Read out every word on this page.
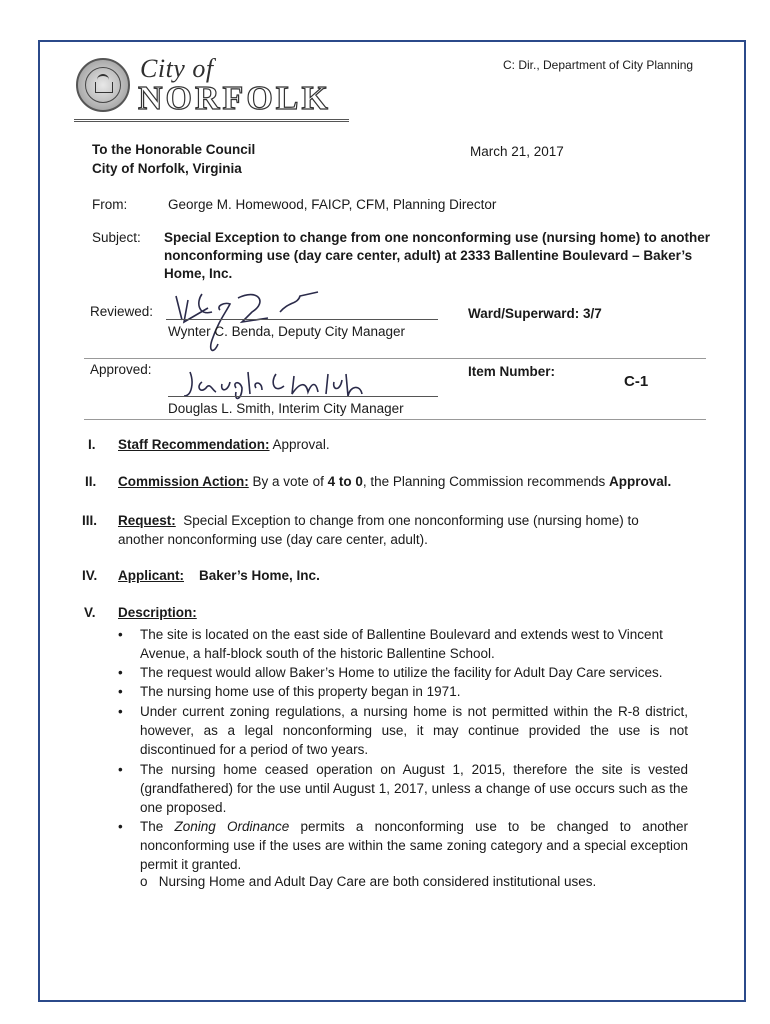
City of
NORFOLK
C: Dir., Department of City Planning
To the Honorable Council
City of Norfolk, Virginia
March 21, 2017
From:	George M. Homewood, FAICP, CFM, Planning Director
Subject: Special Exception to change from one nonconforming use (nursing home) to another
nonconforming use (day care center, adult) at 2333 Ballentine Boulevard – Baker’s
Home, Inc.
Reviewed:
Wynter C. Benda, Deputy City Manager
Ward/Superward: 3/7
Approved:
Douglas L. Smith, Interim City Manager
Item Number:
C-1
I. Staff Recommendation: Approval.
II. Commission Action: By a vote of 4 to 0, the Planning Commission recommends Approval.
III. Request: Special Exception to change from one nonconforming use (nursing home) to
another nonconforming use (day care center, adult).
IV. Applicant: Baker’s Home, Inc.
V. Description:
• The site is located on the east side of Ballentine Boulevard and extends west to Vincent Avenue, a half-block south of the historic Ballentine School.
• The request would allow Baker’s Home to utilize the facility for Adult Day Care services.
• The nursing home use of this property began in 1971.
• Under current zoning regulations, a nursing home is not permitted within the R-8 district, however, as a legal nonconforming use, it may continue provided the use is not discontinued for a period of two years.
• The nursing home ceased operation on August 1, 2015, therefore the site is vested (grandfathered) for the use until August 1, 2017, unless a change of use occurs such as the one proposed.
• The Zoning Ordinance permits a nonconforming use to be changed to another nonconforming use if the uses are within the same zoning category and a special exception permit it granted.
o Nursing Home and Adult Day Care are both considered institutional uses.
